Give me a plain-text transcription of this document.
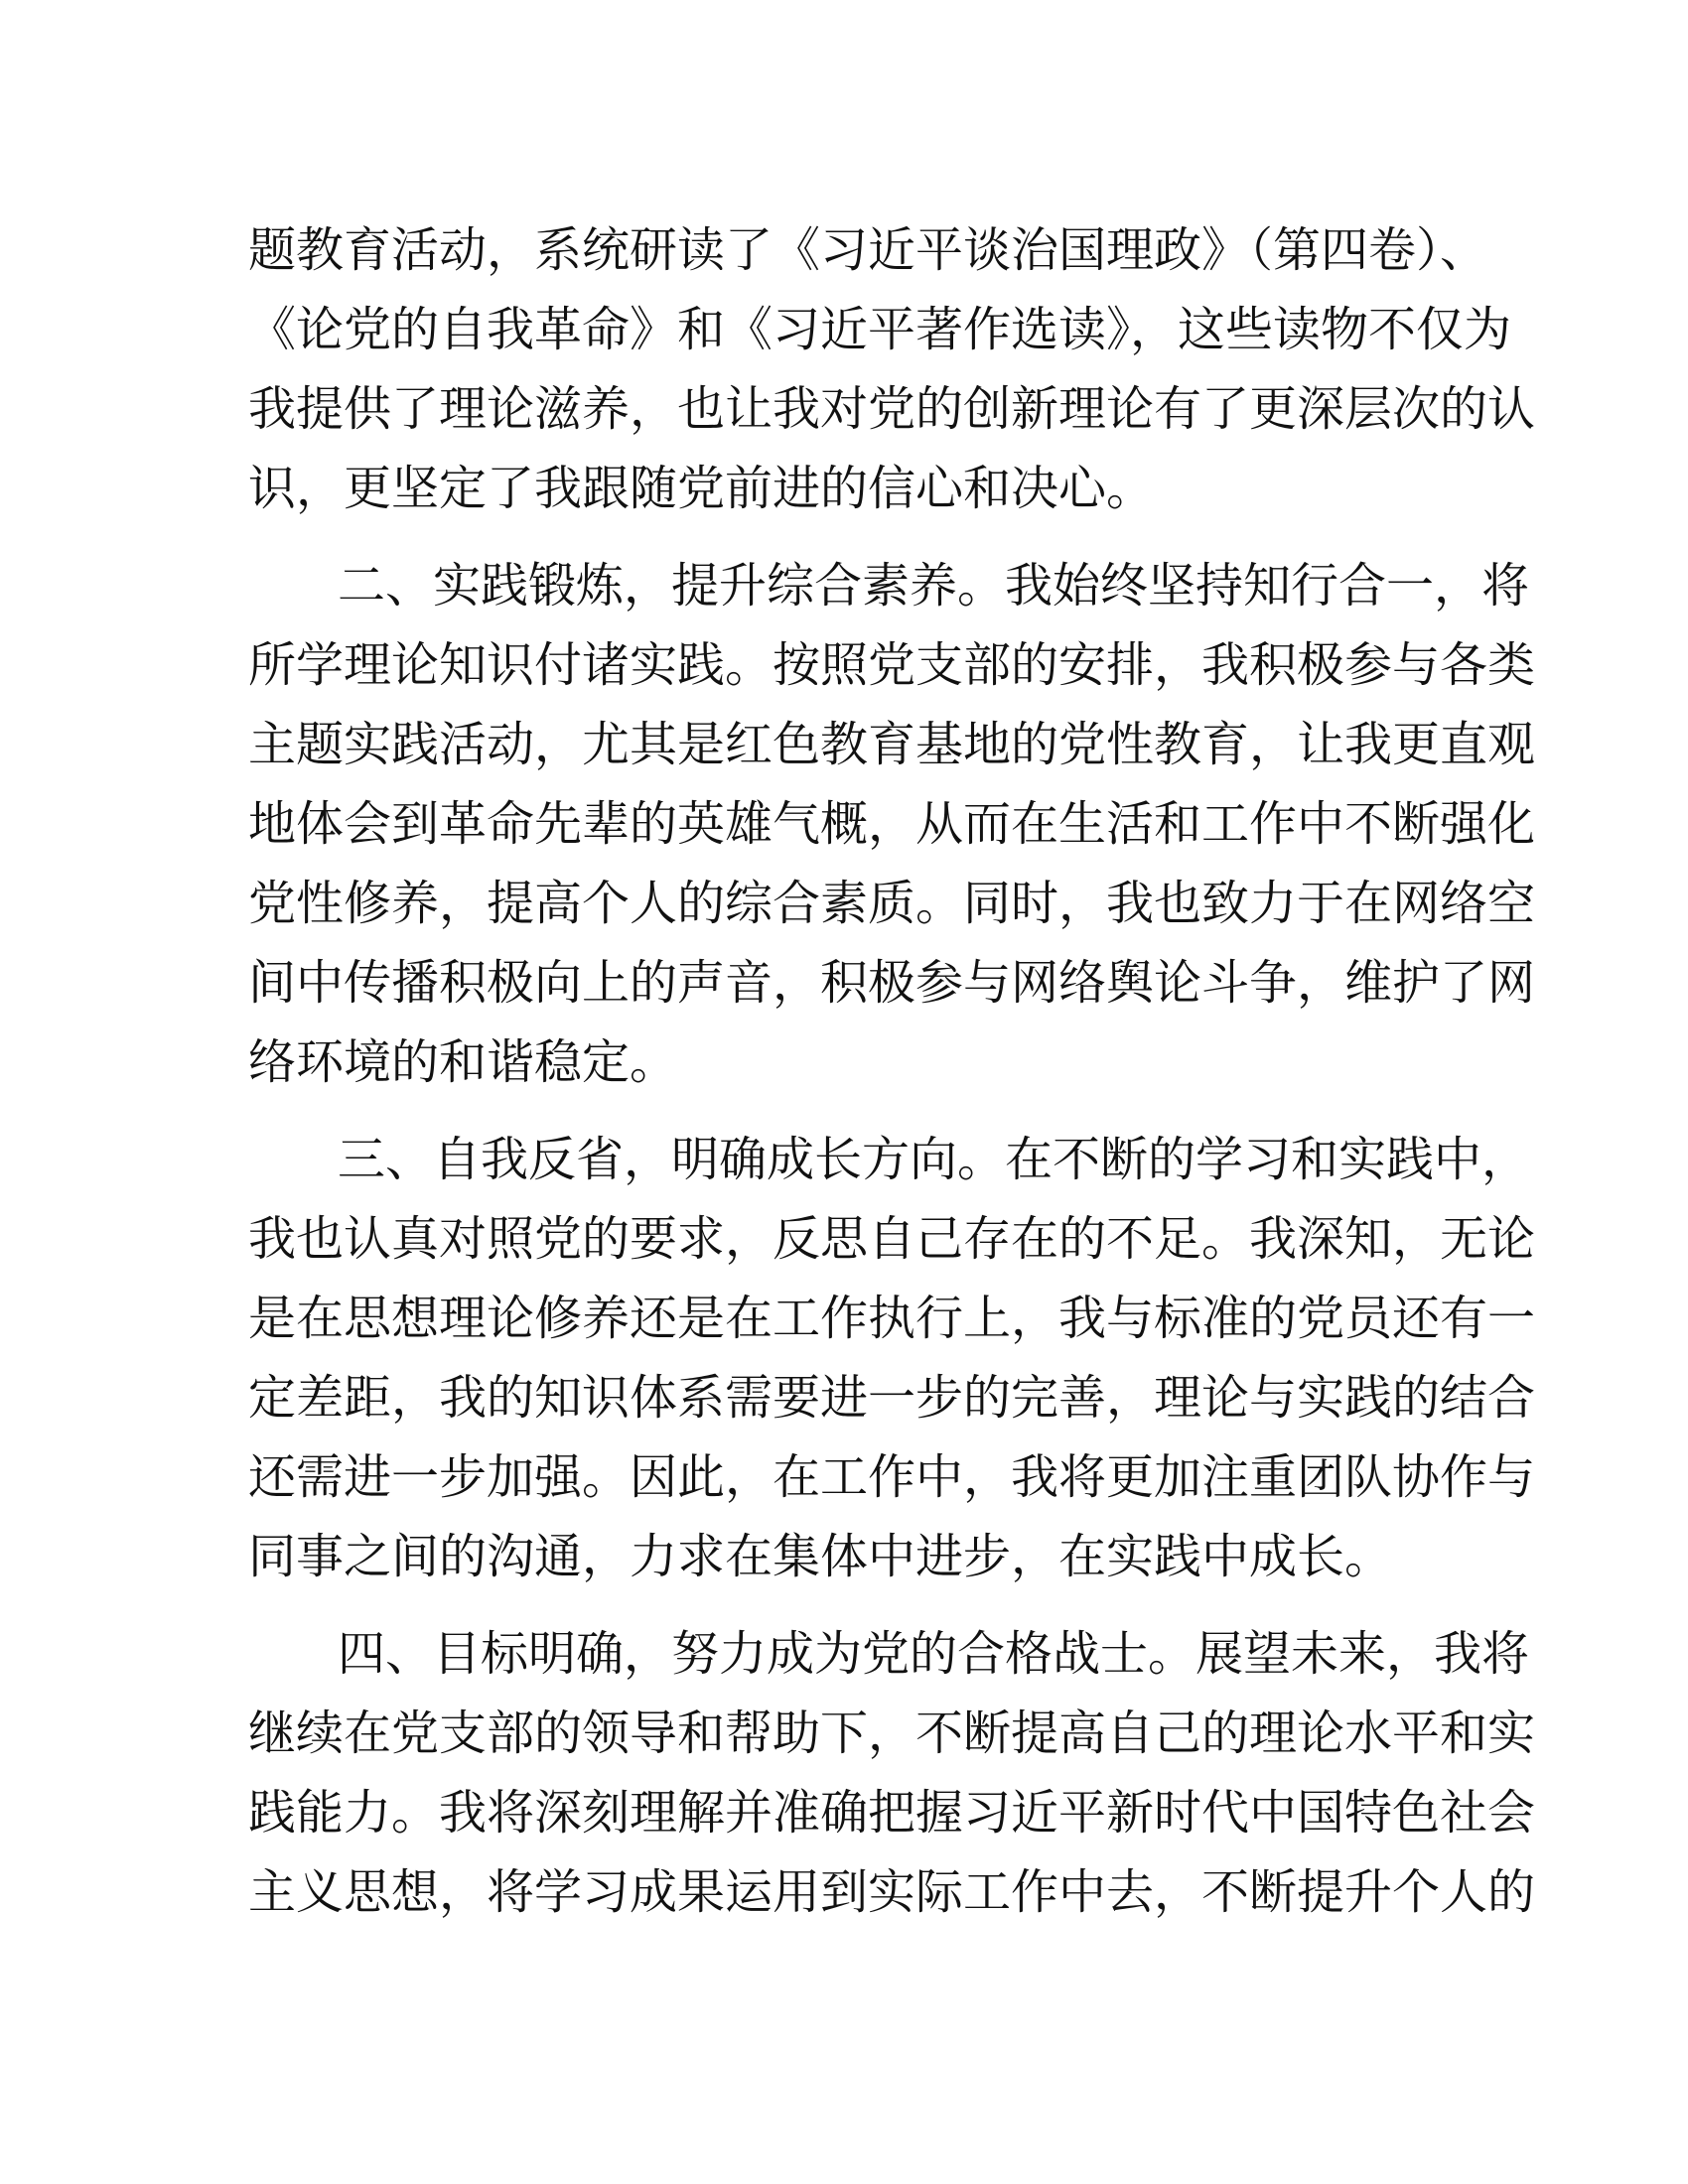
题教育活动，系统研读了《习近平谈治国理政》（第四卷）、
《论党的自我革命》和《习近平著作选读》，这些读物不仅为
我提供了理论滋养，也让我对党的创新理论有了更深层次的认
识，更坚定了我跟随党前进的信心和决心。
二、实践锻炼，提升综合素养。我始终坚持知行合一，将
所学理论知识付诸实践。按照党支部的安排，我积极参与各类
主题实践活动，尤其是红色教育基地的党性教育，让我更直观
地体会到革命先辈的英雄气概，从而在生活和工作中不断强化
党性修养，提高个人的综合素质。同时，我也致力于在网络空
间中传播积极向上的声音，积极参与网络舆论斗争，维护了网
络环境的和谐稳定。
三、自我反省，明确成长方向。在不断的学习和实践中，
我也认真对照党的要求，反思自己存在的不足。我深知，无论
是在思想理论修养还是在工作执行上，我与标准的党员还有一
定差距，我的知识体系需要进一步的完善，理论与实践的结合
还需进一步加强。因此，在工作中，我将更加注重团队协作与
同事之间的沟通，力求在集体中进步，在实践中成长。
四、目标明确，努力成为党的合格战士。展望未来，我将
继续在党支部的领导和帮助下，不断提高自己的理论水平和实
践能力。我将深刻理解并准确把握习近平新时代中国特色社会
主义思想，将学习成果运用到实际工作中去，不断提升个人的
